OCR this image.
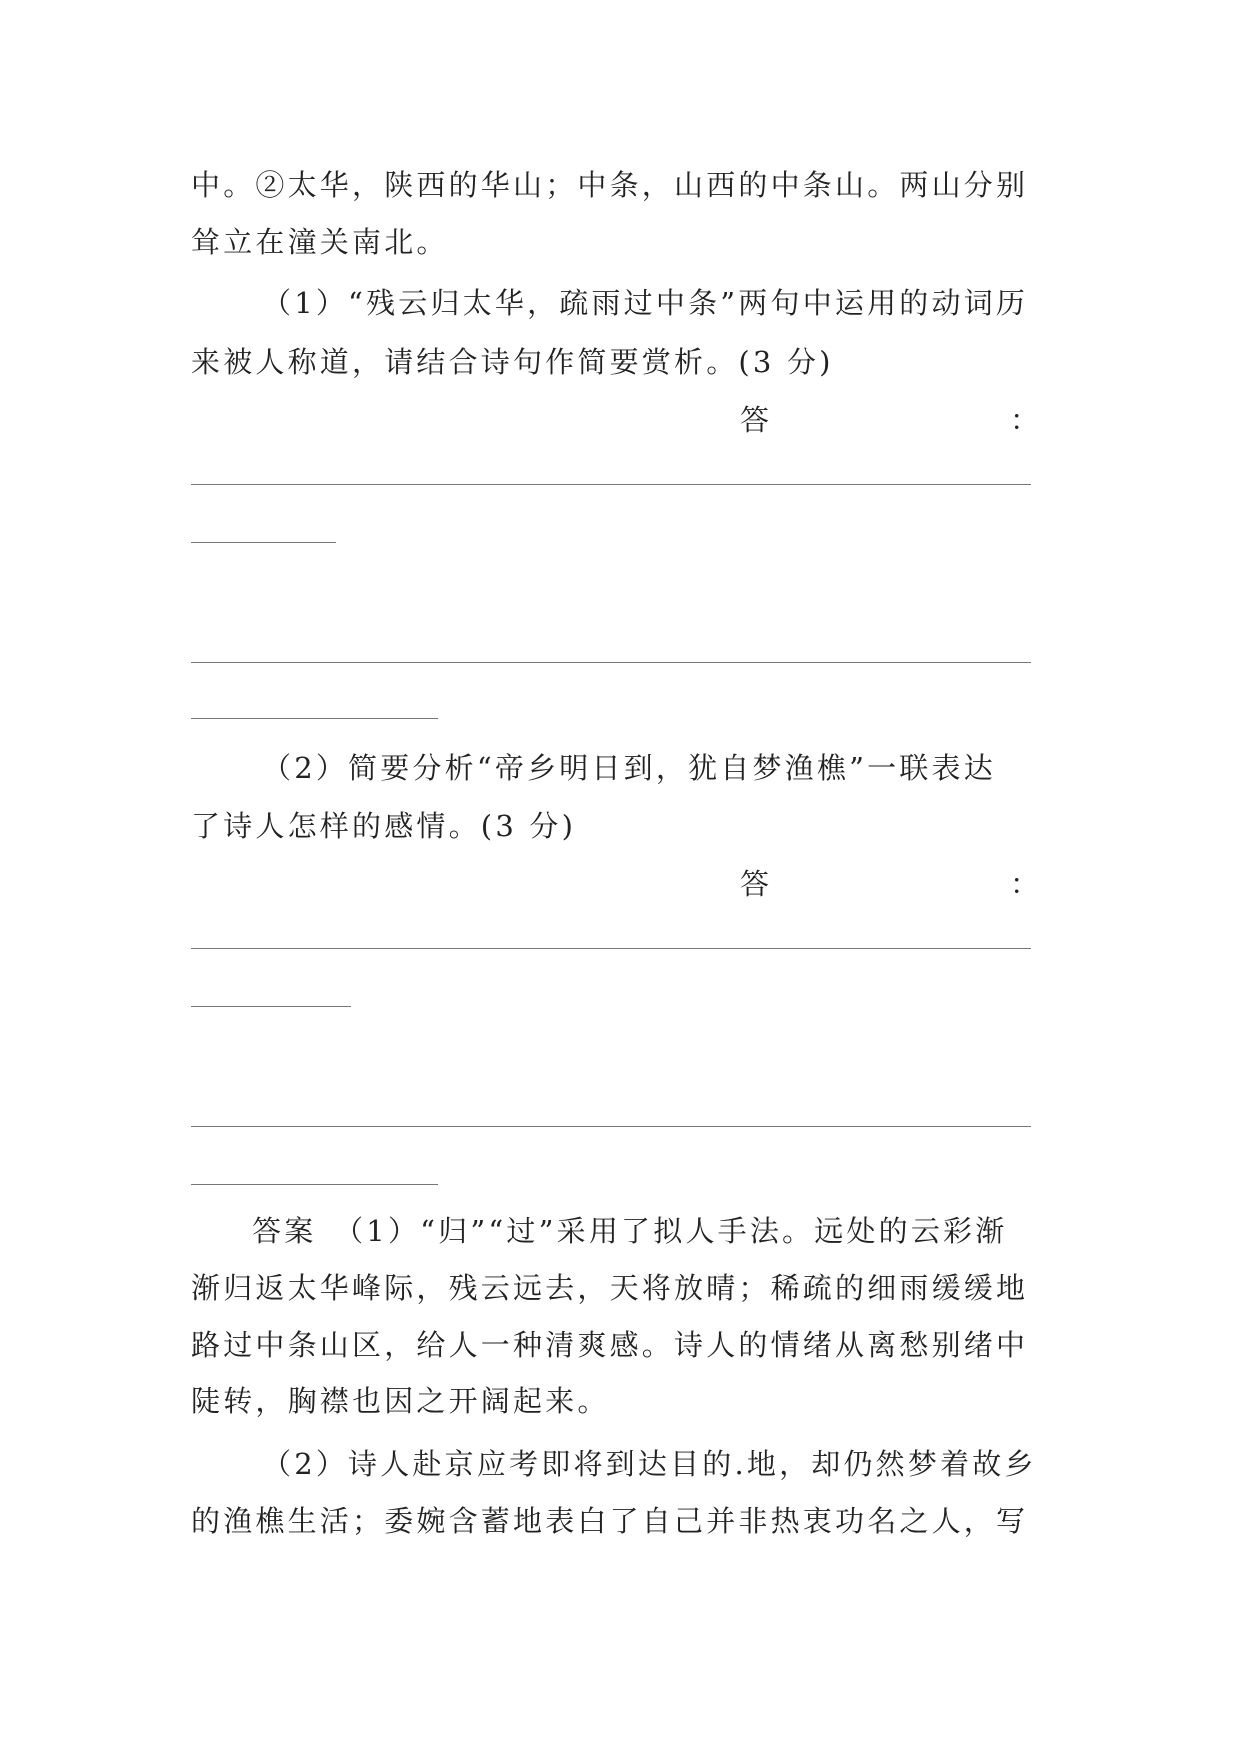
中。②太华，陕西的华山；中条，山西的中条山。两山分别
耸立在潼关南北。
（1）“残云归太华，疏雨过中条”两句中运用的动词历
来被人称道，请结合诗句作简要赏析。(3 分)
答	：
（2）简要分析“帝乡明日到，犹自梦渔樵”一联表达
了诗人怎样的感情。(3 分)
答	：
答案　（1）“归”“过”采用了拟人手法。远处的云彩渐
渐归返太华峰际，残云远去，天将放晴；稀疏的细雨缓缓地
路过中条山区，给人一种清爽感。诗人的情绪从离愁别绪中
陡转，胸襟也因之开阔起来。
（2）诗人赴京应考即将到达目的.地，却仍然梦着故乡
的渔樵生活；委婉含蓄地表白了自己并非热衷功名之人，写
